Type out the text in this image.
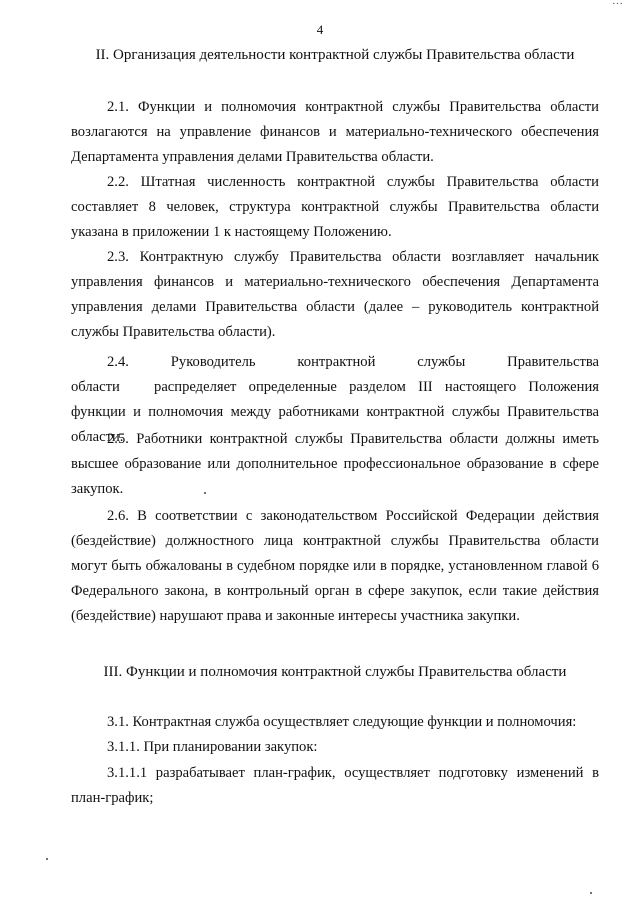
…
4
II. Организация деятельности контрактной службы Правительства области

2.1. Функции и полномочия контрактной службы Правительства области возлагаются на управление финансов и материально-технического обеспечения Департамента управления делами Правительства области.

2.2. Штатная численность контрактной службы Правительства области составляет 8 человек, структура контрактной службы Правительства области указана в приложении 1 к настоящему Положению.

2.3. Контрактную службу Правительства области возглавляет начальник управления финансов и материально-технического обеспечения Департамента управления делами Правительства области (далее – руководитель контрактной службы Правительства области).

2.4. Руководитель контрактной службы Правительства области распределяет определенные разделом III настоящего Положения функции и полномочия между работниками контрактной службы Правительства области.

2.5. Работники контрактной службы Правительства области должны иметь высшее образование или дополнительное профессиональное образование в сфере закупок.

2.6. В соответствии с законодательством Российской Федерации действия (бездействие) должностного лица контрактной службы Правительства области могут быть обжалованы в судебном порядке или в порядке, установленном главой 6 Федерального закона, в контрольный орган в сфере закупок, если такие действия (бездействие) нарушают права и законные интересы участника закупки.

III. Функции и полномочия контрактной службы Правительства области

3.1. Контрактная служба осуществляет следующие функции и полномочия:

3.1.1. При планировании закупок:

3.1.1.1 разрабатывает план-график, осуществляет подготовку изменений в план-график;
